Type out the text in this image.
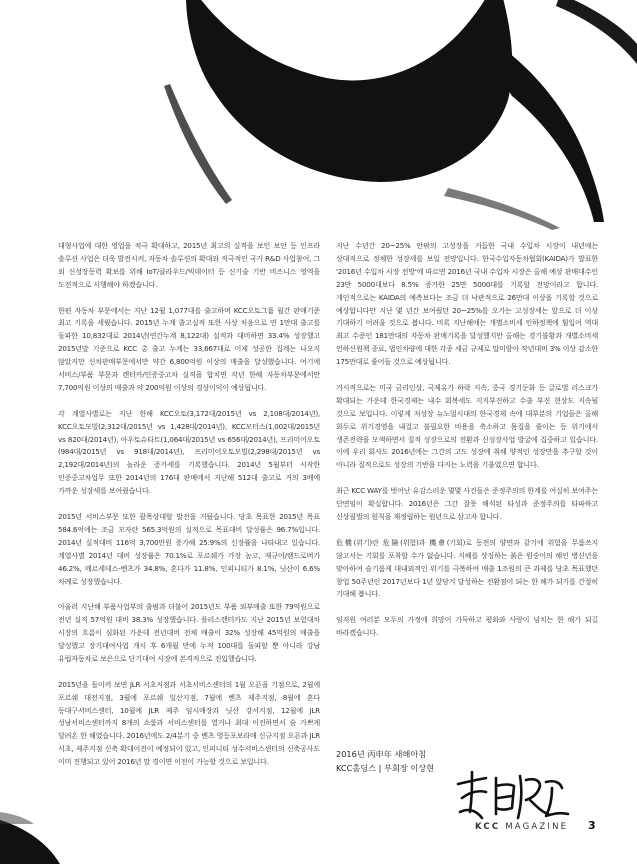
대형사업에 대한 영업을 적극 확대하고, 2015년 최고의 실적을 보인 보안 등 인프라 솔루션 사업은 더욱 발전시켜, 자동차 솔루션의 확대와 적극적인 국가 R&D 사업참여, 그 외 신성장동력 확보를 위해 IoT/클라우드/빅데이터 등 신기술 기반 비즈니스 영역을 도전적으로 시행해야 하겠습니다.

한편 자동차 부문에서는 지난 12월 1,077대를 출고하며 KCC오토그룹 월간 판매기준 최고 기록을 세웠습니다. 2015년 누계 출고실적 또한 사상 처음으로 연 1만대 출고를 돌파한 10,832대로 2014년(연간누계 8,122대) 실적과 대비하면 33.4% 성장했고 2015년말 기준으로 KCC 총 출고 누계는 33,667대로 이제 성공한 집계는 나오지 않았지만 신차판매부문에서만 약간 6,800억원 이상의 매출을 달성했습니다. 여기에 서비스/부품 부문과 렌터카/인증중고차 실적을 합치면 작년 한해 자동차부문에서만 7,700억원 이상의 매출과 약 200억원 이상의 경상이익이 예상됩니다.

각 계열사별로는 지난 한해 KCC오토(3,172대/2015년 vs 2,108대/2014년), KCC오토모빌(2,312대/2015년 vs 1,428대/2014년), KCC모터스(1,002대/2015년 vs 820대/2014년), 아우토슈타트(1,064대/2015년 vs 656대/2014년), 프리미어오토(984대/2015년 vs 918대/2014년), 프리미어오토모빌(2,298대/2015년 vs 2,192대/2014년)의 놀라운 증가세를 기록했습니다. 2014년 5월부터 시작한 인증중고차업무 또한 2014년의 176대 판매에서 지난해 512대 출고로 거의 3배에 가까운 성장세를 보여줬습니다.

2015년 서비스부문 또한 괄목상대할 발전을 거뒀습니다. 당초 목표한 2015년 목표 584.6억에는 조금 모자란 565.3억원의 실적으로 목표대비 달성률은 96.7%입니다. 2014년 실적대비 116억 3,700만원 증가해 25.9%의 신장률을 나타내고 있습니다. 계열사별 2014년 대비 성장률은 70.1%로 포르쉐가 가장 높고, 재규어/랜드로버가 46.2%, 메르세데스-벤츠가 34.8%, 혼다가 11.8%, 인피니티가 8.1%, 닛산이 6.6% 차례로 성장했습니다.

아울러 지난해 부품사업부의 출범과 더불어 2015년도 부품 외부매출 또한 79억원으로 전년 실적 57억원 대비 38.3% 성장했습니다. 플리스렌터카도 지난 2015년 보험대차 시장의 흐름이 심화된 가운데 전년대비 전체 매출이 32% 성장해 45억원의 매출을 달성했고 장기대여사업 개시 후 6개월 만에 누적 100대를 돌파할 뿐 아니라 강남 유럽자동차로 보은으로 단기대여 시장에 본격적으로 진입했습니다.

2015년을 돌이켜 보면 JLR 서초지점과 서초서비스센터의 1월 오픈을 기점으로, 2월에 포르쉐 대전지점, 3월에 포르쉐 일산지점, 7월에 벤츠 제주지점, 8월에 혼다 동대구서비스센터, 10월에 JLR 제주 임시매장과 닛산 강서지점, 12월에 JLR 성남서비스센터까지 8개의 쇼룸과 서비스센터를 열거나 최대 이전하면서 숨 가쁘게 달려온 한 해였습니다. 2016년에도 2/4분기 중 벤츠 영등포보라매 신규지점 오픈과 JLR 서초, 제주지점 신축 확대이전이 예정되어 있고, 인피니티 성수서비스센터의 신축공사도 이미 진행되고 있어 2016년 말 경이면 이전이 가능할 것으로 보입니다.

지난 수년간 20~25% 안팎의 고성장을 거듭한 국내 수입차 시장이 내년에는 상대적으로 정체한 성장세를 보일 전망입니다. 한국수입자동차협회(KAIDA)가 발표한 '2016년 수입차 시장 전망'에 따르면 2016년 국내 수입차 시장은 올해 예상 판매대수인 23만 5000대보다 8.5% 증가한 25만 5000대를 기록할 전망이라고 합니다. 개인적으로는 KAIDA의 예측보다는 조금 더 낙관적으로 26만대 이상을 기록할 것으로 예상합니다만 지난 몇 년간 보여줬던 20~25%를 오가는 고성장세는 앞으로 더 이상 기대하기 어려울 것으로 봅니다. 비록 지난해에는 개별소비세 인하정책에 힘입어 역대 최고 수준인 181만대의 자동차 판매기록을 달성했지만 올해는 경기불황과 개별소비세 인하신원책 종료, 법인차량에 대한 각종 세금 규제로 말미암아 작년대비 3% 이상 감소한 175만대로 줄어들 것으로 예상됩니다.

거시적으로는 미국 금리인상, 국제유가 하락 지속, 중국 경기둔화 등 글로벌 리스크가 확대되는 가운데 한국경제는 내수 회복세도 지지부진하고 수출 부진 현상도 지속될 것으로 보입니다. 이렇게 저성장 뉴노멀시대의 한국경제 속에 대부분의 기업들은 올해 화두로 위기경영을 내걸고 불필요한 비용을 축소하고 몸집을 줄이는 등 위기에서 생존전략을 모색하면서 질적 성장으로의 전환과 신성장사업 발굴에 집중하고 있습니다. 이에 우리 회사도 2016년에는 그간의 고도 성장에 취해 양적인 성장만을 추구할 것이 아니라 질적으로도 성장의 기반을 다지는 노력을 기울였으면 합니다.

최근 KCC WAY를 벗어난 유감스러운 몇몇 사건들은 준정주의의 한계를 여실히 보여주는 단면임이 확실합니다. 2016년은 그간 잘못 해석된 타성과 준정주의를 타파하고 신상필벌의 원칙을 재정립하는 원년으로 삼고자 합니다.

危機(위기)란 危險(위험)과 機會(기회)로 동전의 양면과 같기에 위험을 무릅쓰지 않고서는 기회를 포착할 수가 없습니다. 지혜를 상징하는 붉은 원숭이의 해인 병신년을 맞아하여 슬기롭게 대내외적인 위기를 극복하여 매출 1조원의 큰 과제를 당초 목표했던 창업 50주년인 2017년보다 1년 앞당겨 달성하는 전환점이 되는 한 해가 되기를 간절히 기대해 봅니다.

임직원 여러분 모두의 가정에 희망이 가득하고 평화와 사랑이 넘치는 한 해가 되길 바라겠습니다.

2016년 丙申年 새해아침
KCC홀딩스 | 부회장 이상현
KCC MAGAZINE 3
